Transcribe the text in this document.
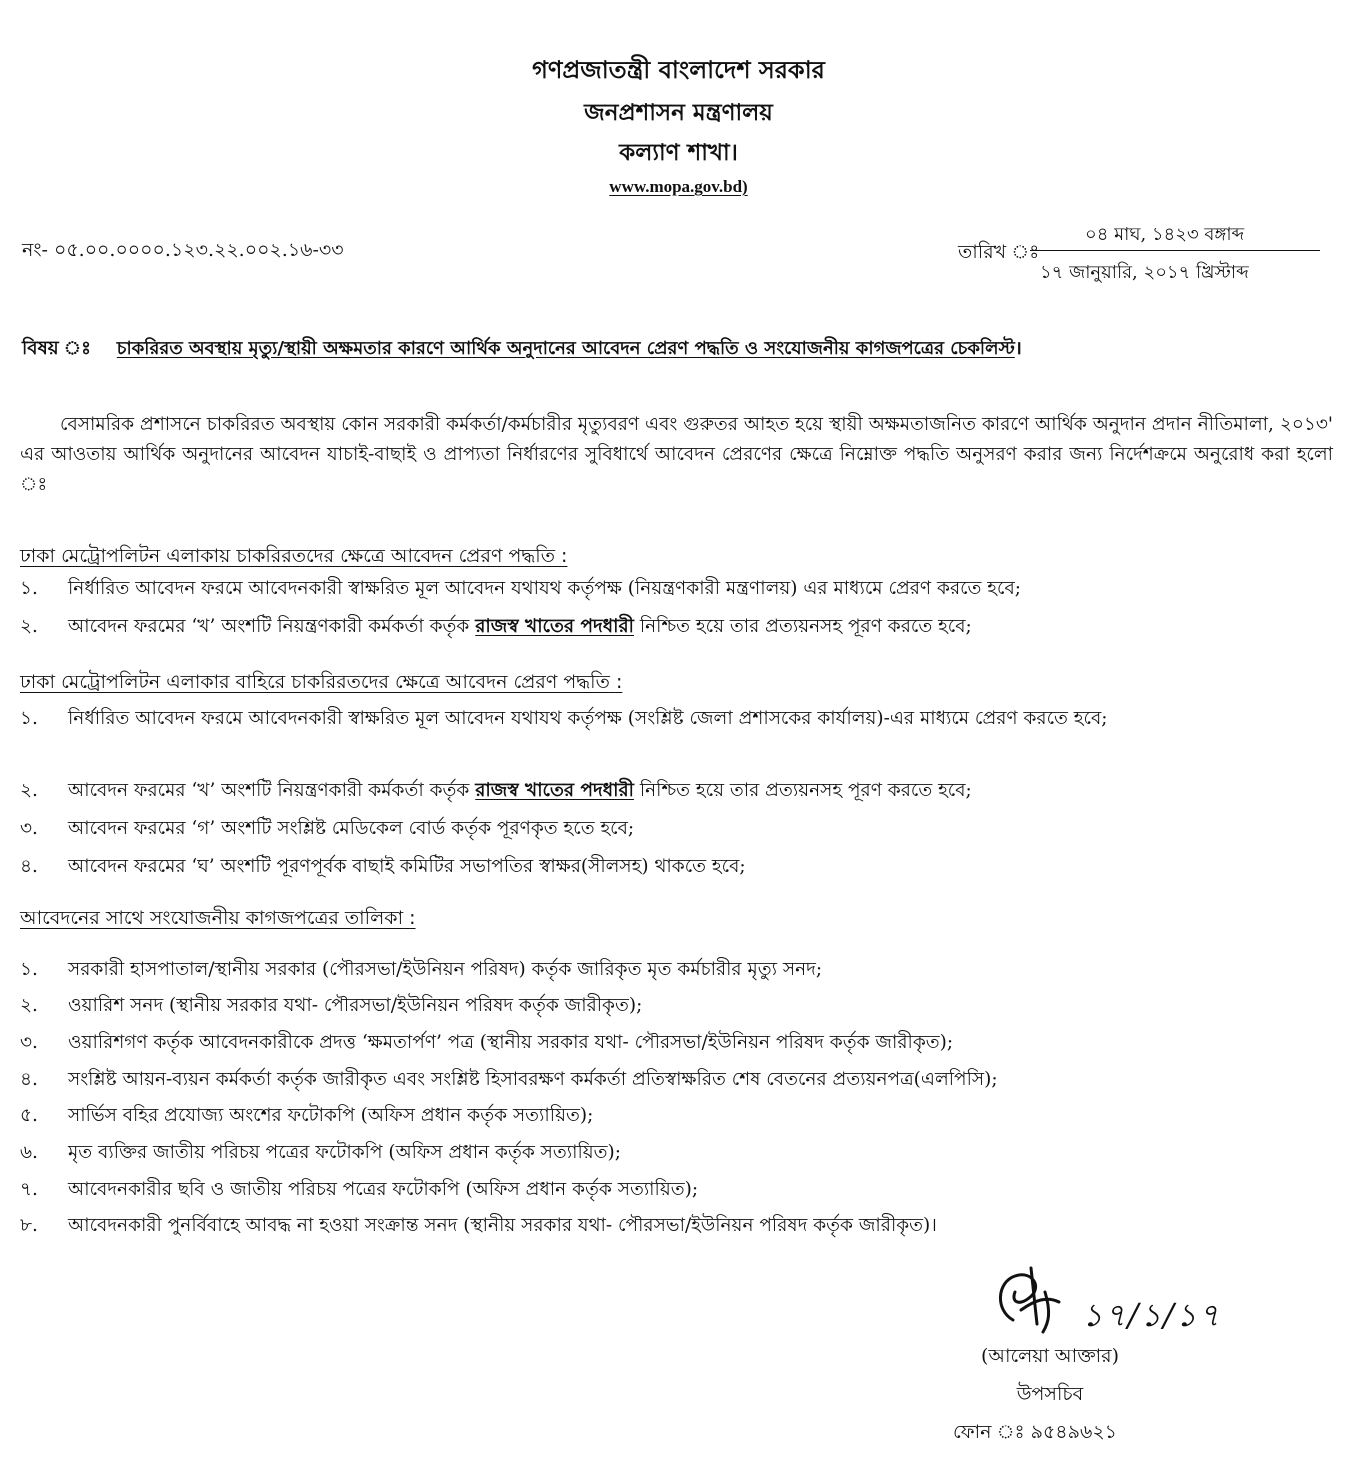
গণপ্রজাতন্ত্রী বাংলাদেশ সরকার
জনপ্রশাসন মন্ত্রণালয়
কল্যাণ শাখা।
www.mopa.gov.bd)
নং- ০৫.০০.০০০০.১২৩.২২.০০২.১৬-৩৩	তারিখ ঃ
০৪ মাঘ, ১৪২৩ বঙ্গাব্দ
১৭ জানুয়ারি, ২০১৭ খ্রিস্টাব্দ
বিষয় ঃ চাকরিরত অবস্থায় মৃত্যু/স্থায়ী অক্ষমতার কারণে আর্থিক অনুদানের আবেদন প্রেরণ পদ্ধতি ও সংযোজনীয় কাগজপত্রের চেকলিস্ট।
বেসামরিক প্রশাসনে চাকরিরত অবস্থায় কোন সরকারী কর্মকর্তা/কর্মচারীর মৃত্যুবরণ এবং গুরুতর আহত হয়ে স্থায়ী অক্ষমতাজনিত কারণে আর্থিক অনুদান প্রদান নীতিমালা, ২০১৩' এর আওতায় আর্থিক অনুদানের আবেদন যাচাই-বাছাই ও প্রাপ্যতা নির্ধারণের সুবিধার্থে আবেদন প্রেরণের ক্ষেত্রে নিম্নোক্ত পদ্ধতি অনুসরণ করার জন্য নির্দেশক্রমে অনুরোধ করা হলো ঃ
ঢাকা মেট্রোপলিটন এলাকায় চাকরিরতদের ক্ষেত্রে আবেদন প্রেরণ পদ্ধতি :
১.	নির্ধারিত আবেদন ফরমে আবেদনকারী স্বাক্ষরিত মূল আবেদন যথাযথ কর্তৃপক্ষ (নিয়ন্ত্রণকারী মন্ত্রণালয়) এর মাধ্যমে প্রেরণ করতে হবে;
২.	আবেদন ফরমের ‘খ’ অংশটি নিয়ন্ত্রণকারী কর্মকর্তা কর্তৃক রাজস্ব খাতের পদধারী নিশ্চিত হয়ে তার প্রত্যয়নসহ পূরণ করতে হবে;
ঢাকা মেট্রোপলিটন এলাকার বাহিরে চাকরিরতদের ক্ষেত্রে আবেদন প্রেরণ পদ্ধতি :
১.	নির্ধারিত আবেদন ফরমে আবেদনকারী স্বাক্ষরিত মূল আবেদন যথাযথ কর্তৃপক্ষ (সংশ্লিষ্ট জেলা প্রশাসকের কার্যালয়)-এর মাধ্যমে প্রেরণ করতে হবে;
২.	আবেদন ফরমের ‘খ’ অংশটি নিয়ন্ত্রণকারী কর্মকর্তা কর্তৃক রাজস্ব খাতের পদধারী নিশ্চিত হয়ে তার প্রত্যয়নসহ পূরণ করতে হবে;
৩.	আবেদন ফরমের ‘গ’ অংশটি সংশ্লিষ্ট মেডিকেল বোর্ড কর্তৃক পূরণকৃত হতে হবে;
৪.	আবেদন ফরমের ‘ঘ’ অংশটি পূরণপূর্বক বাছাই কমিটির সভাপতির স্বাক্ষর(সীলসহ) থাকতে হবে;
আবেদনের সাথে সংযোজনীয় কাগজপত্রের তালিকা :
১.	সরকারী হাসপাতাল/স্থানীয় সরকার (পৌরসভা/ইউনিয়ন পরিষদ) কর্তৃক জারিকৃত মৃত কর্মচারীর মৃত্যু সনদ;
২.	ওয়ারিশ সনদ (স্থানীয় সরকার যথা- পৌরসভা/ইউনিয়ন পরিষদ কর্তৃক জারীকৃত);
৩.	ওয়ারিশগণ কর্তৃক আবেদনকারীকে প্রদত্ত ‘ক্ষমতার্পণ’ পত্র (স্থানীয় সরকার যথা- পৌরসভা/ইউনিয়ন পরিষদ কর্তৃক জারীকৃত);
৪.	সংশ্লিষ্ট আয়ন-ব্যয়ন কর্মকর্তা কর্তৃক জারীকৃত এবং সংশ্লিষ্ট হিসাবরক্ষণ কর্মকর্তা প্রতিস্বাক্ষরিত শেষ বেতনের প্রত্যয়নপত্র(এলপিসি);
৫.	সার্ভিস বহির প্রযোজ্য অংশের ফটোকপি (অফিস প্রধান কর্তৃক সত্যায়িত);
৬.	মৃত ব্যক্তির জাতীয় পরিচয় পত্রের ফটোকপি (অফিস প্রধান কর্তৃক সত্যায়িত);
৭.	আবেদনকারীর ছবি ও জাতীয় পরিচয় পত্রের ফটোকপি (অফিস প্রধান কর্তৃক সত্যায়িত);
৮.	আবেদনকারী পুনর্বিবাহে আবদ্ধ না হওয়া সংক্রান্ত সনদ (স্থানীয় সরকার যথা- পৌরসভা/ইউনিয়ন পরিষদ কর্তৃক জারীকৃত)।
১৭/১/১৭
(আলেয়া আক্তার)
উপসচিব
ফোন ঃ ৯৫৪৯৬২১
